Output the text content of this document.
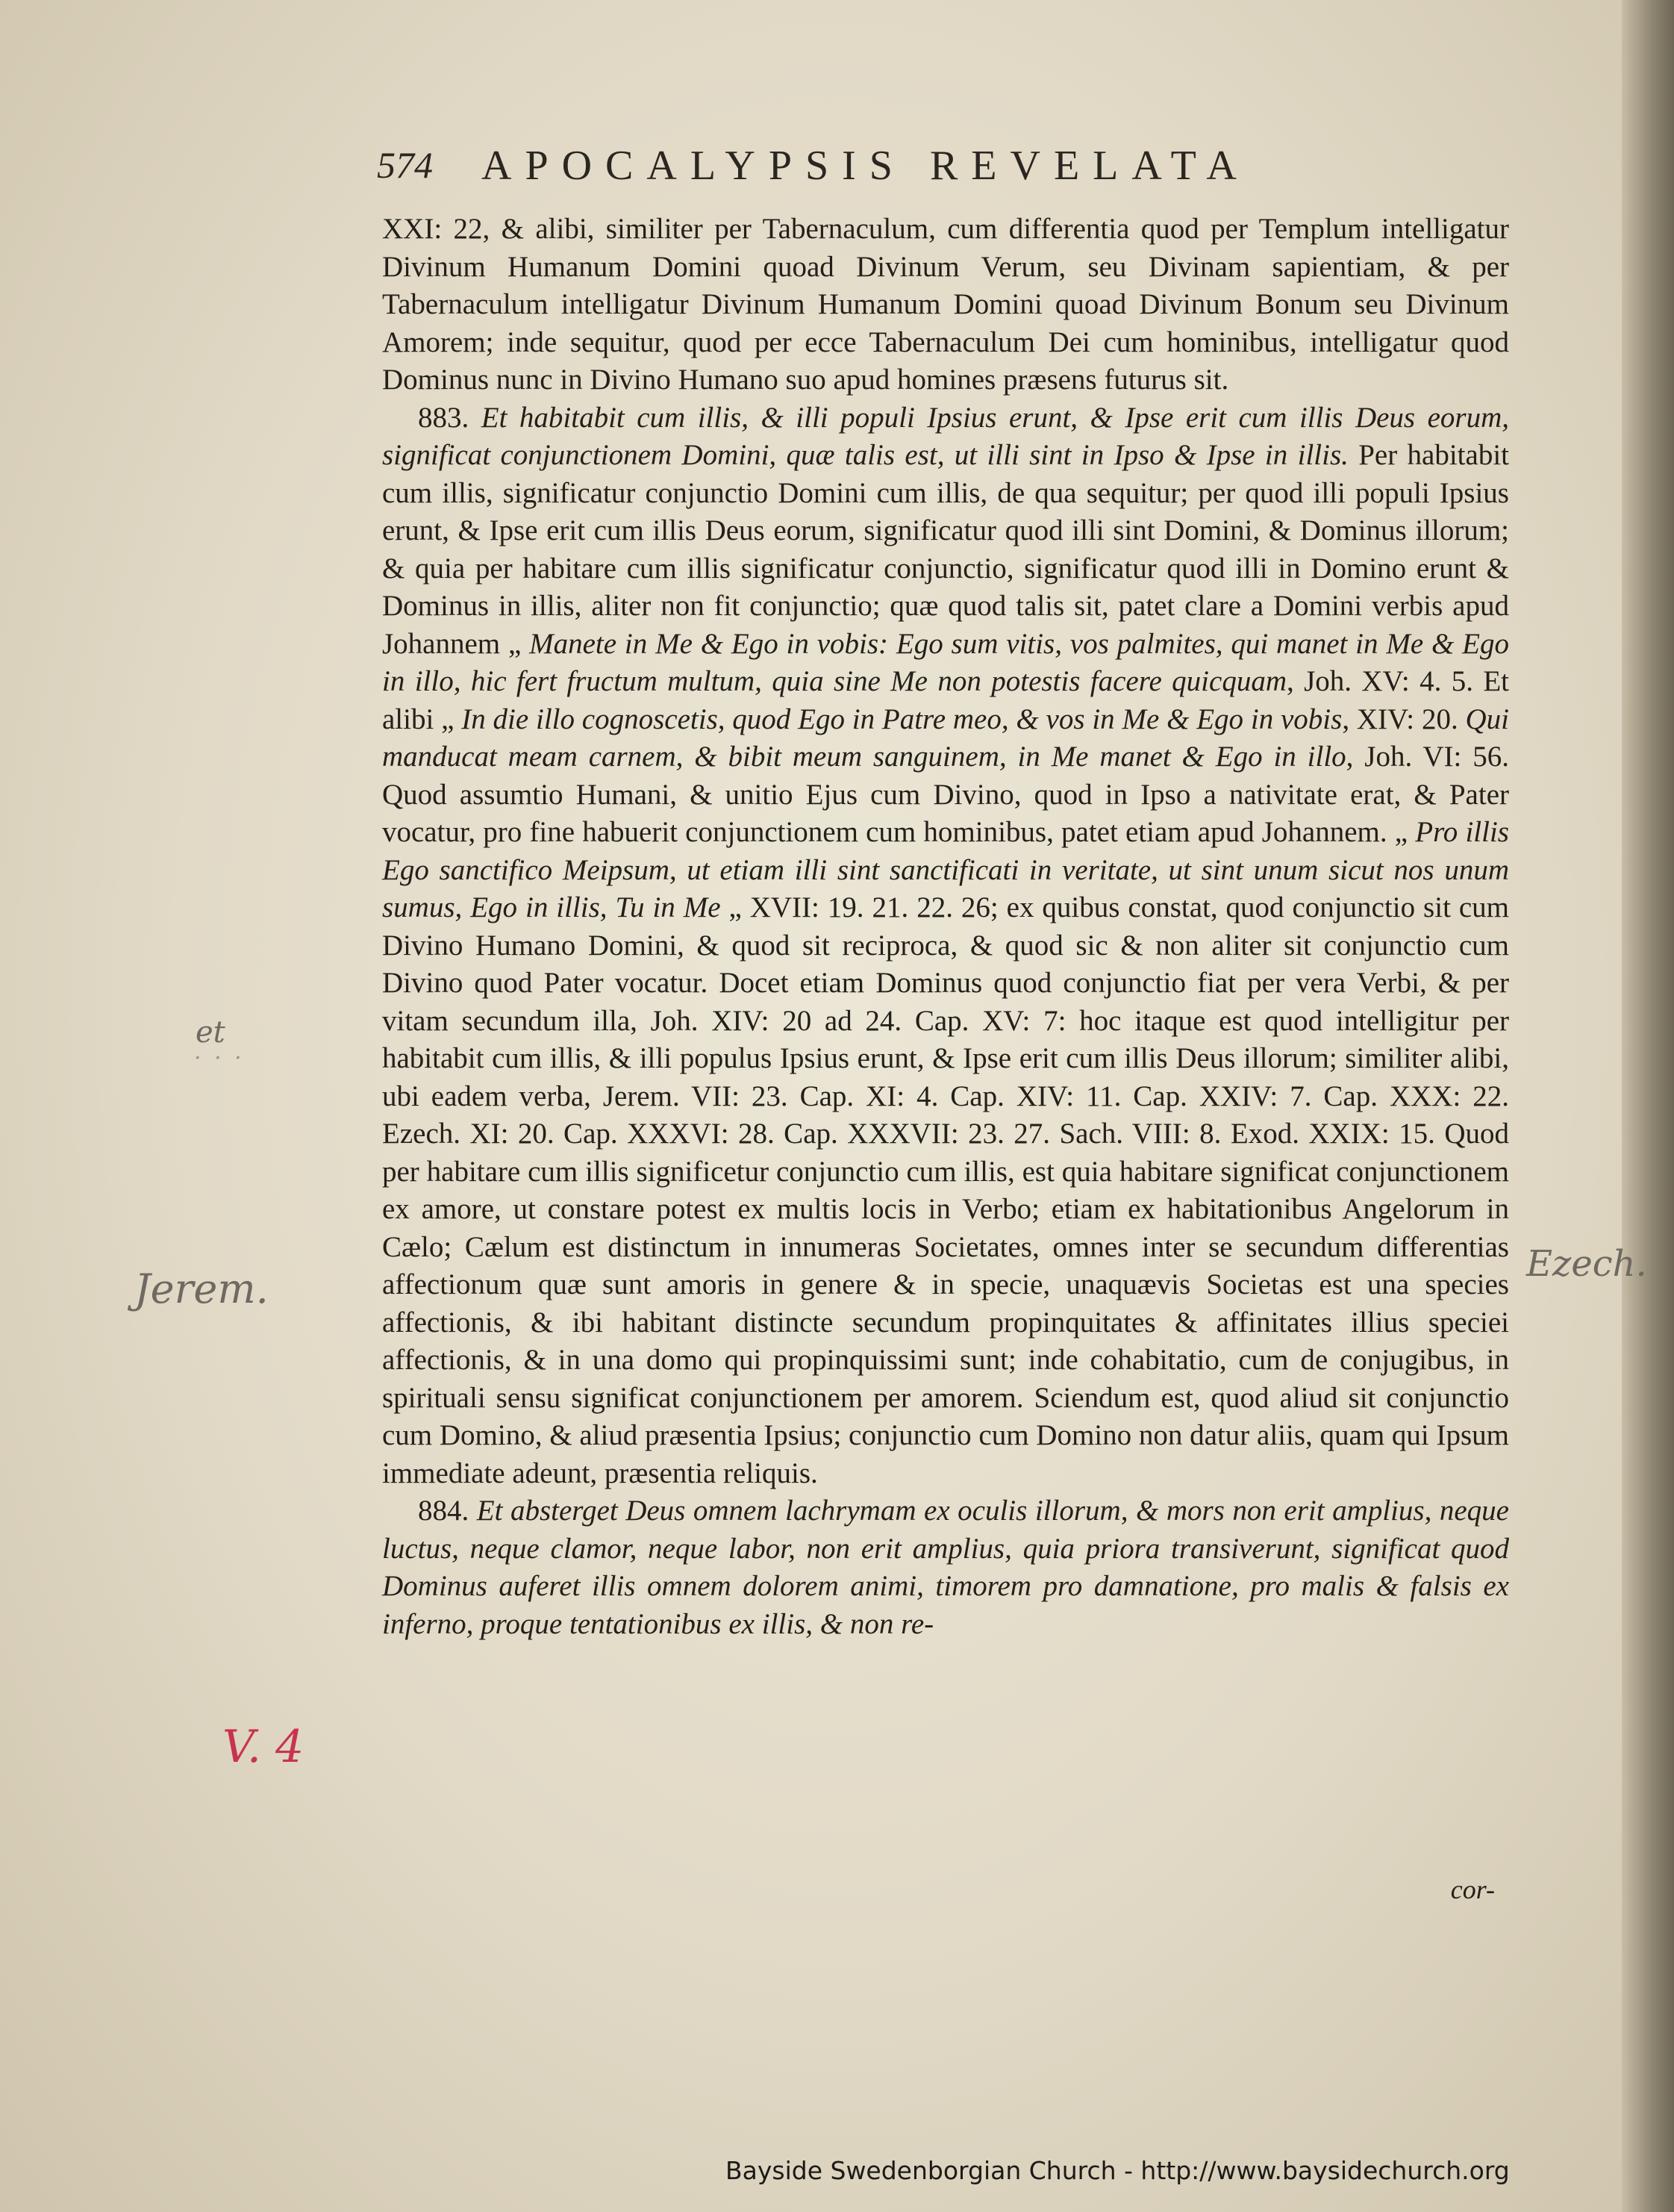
574 APOCALYPSIS REVELATA

XXI: 22, & alibi, similiter per Tabernaculum, cum differentia quod per Templum intelligatur Divinum Humanum Domini quoad Divinum Verum, seu Divinam sapientiam, & per Tabernaculum intelligatur Divinum Humanum Domini quoad Divinum Bonum seu Divinum Amorem; inde sequitur, quod per ecce Tabernaculum Dei cum hominibus, intelligatur quod Dominus nunc in Divino Humano suo apud homines præsens futurus sit.

883. Et habitabit cum illis, & illi populi Ipsius erunt, & Ipse erit cum illis Deus eorum, significat conjunctionem Domini, quæ talis est, ut illi sint in Ipso & Ipse in illis. Per habitabit cum illis, significatur conjunctio Domini cum illis, de qua sequitur; per quod illi populi Ipsius erunt, & Ipse erit cum illis Deus eorum, significatur quod illi sint Domini, & Dominus illorum; & quia per habitare cum illis significatur conjunctio, significatur quod illi in Domino erunt & Dominus in illis, aliter non fit conjunctio; quæ quod talis sit, patet clare a Domini verbis apud Johannem „ Manete in Me & Ego in vobis: Ego sum vitis, vos palmites, qui manet in Me & Ego in illo, hic fert fructum multum, quia sine Me non potestis facere quicquam, Joh. XV: 4. 5. Et alibi „ In die illo cognoscetis, quod Ego in Patre meo, & vos in Me & Ego in vobis, XIV: 20. Qui manducat meam carnem, & bibit meum sanguinem, in Me manet & Ego in illo, Joh. VI: 56. Quod assumtio Humani, & unitio Ejus cum Divino, quod in Ipso a nativitate erat, & Pater vocatur, pro fine habuerit conjunctionem cum hominibus, patet etiam apud Johannem. „ Pro illis Ego sanctifico Meipsum, ut etiam illi sint sanctificati in veritate, ut sint unum sicut nos unum sumus, Ego in illis, Tu in Me „ XVII: 19. 21. 22. 26; ex quibus constat, quod conjunctio sit cum Divino Humano Domini, & quod sit reciproca, & quod sic & non aliter sit conjunctio cum Divino quod Pater vocatur. Docet etiam Dominus quod conjunctio fiat per vera Verbi, & per vitam secundum illa, Joh. XIV: 20 ad 24. Cap. XV: 7: hoc itaque est quod intelligitur per habitabit cum illis, & illi populus Ipsius erunt, & Ipse erit cum illis Deus illorum; similiter alibi, ubi eadem verba, Jerem. VII: 23. Cap. XI: 4. Cap. XIV: 11. Cap. XXIV: 7. Cap. XXX: 22. Ezech. XI: 20. Cap. XXXVI: 28. Cap. XXXVII: 23. 27. Sach. VIII: 8. Exod. XXIX: 15. Quod per habitare cum illis significetur conjunctio cum illis, est quia habitare significat conjunctionem ex amore, ut constare potest ex multis locis in Verbo; etiam ex habitationibus Angelorum in Cælo; Cælum est distinctum in innumeras Societates, omnes inter se secundum differentias affectionum quæ sunt amoris in genere & in specie, unaquævis Societas est una species affectionis, & ibi habitant distincte secundum propinquitates & affinitates illius speciei affectionis, & in una domo qui propinquissimi sunt; inde cohabitatio, cum de conjugibus, in spirituali sensu significat conjunctionem per amorem. Sciendum est, quod aliud sit conjunctio cum Domino, & aliud præsentia Ipsius; conjunctio cum Domino non datur aliis, quam qui Ipsum immediate adeunt, præsentia reliquis.

884. Et absterget Deus omnem lachrymam ex oculis illorum, & mors non erit amplius, neque luctus, neque clamor, neque labor, non erit amplius, quia priora transiverunt, significat quod Dominus auferet illis omnem dolorem animi, timorem pro damnatione, pro malis & falsis ex inferno, proque tentationibus ex illis, & non re-

cor-
et
· · ·
Jerem.
Ezech.
V. 4
Bayside Swedenborgian Church - http://www.baysidechurch.org
